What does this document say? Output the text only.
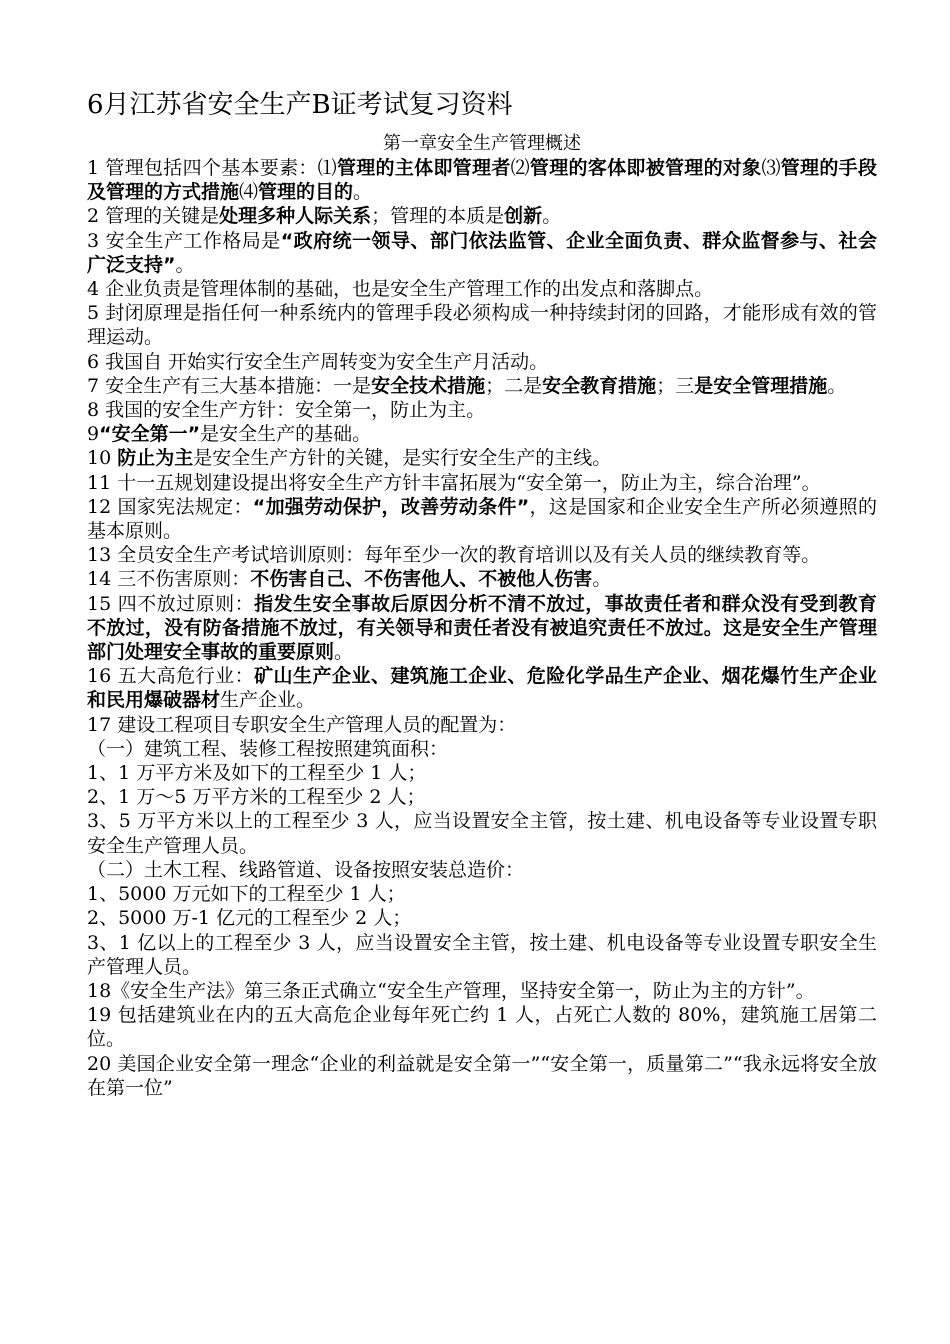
6月江苏省安全生产B证考试复习资料
第一章安全生产管理概述

1 管理包括四个基本要素：⑴管理的主体即管理者⑵管理的客体即被管理的对象⑶管理的手段及管理的方式措施⑷管理的目的。

2 管理的关键是处理多种人际关系；管理的本质是创新。

3 安全生产工作格局是“政府统一领导、部门依法监管、企业全面负责、群众监督参与、社会广泛支持”。

4 企业负责是管理体制的基础，也是安全生产管理工作的出发点和落脚点。

5 封闭原理是指任何一种系统内的管理手段必须构成一种持续封闭的回路，才能形成有效的管理运动。

6 我国自 开始实行安全生产周转变为安全生产月活动。

7 安全生产有三大基本措施：一是安全技术措施；二是安全教育措施；三是安全管理措施。

8 我国的安全生产方针：安全第一，防止为主。

9“安全第一”是安全生产的基础。

10 防止为主是安全生产方针的关键，是实行安全生产的主线。

11 十一五规划建设提出将安全生产方针丰富拓展为“安全第一，防止为主，综合治理”。

12 国家宪法规定：“加强劳动保护，改善劳动条件”，这是国家和企业安全生产所必须遵照的基本原则。

13 全员安全生产考试培训原则：每年至少一次的教育培训以及有关人员的继续教育等。

14 三不伤害原则：不伤害自己、不伤害他人、不被他人伤害。

15 四不放过原则：指发生安全事故后原因分析不清不放过，事故责任者和群众没有受到教育不放过，没有防备措施不放过，有关领导和责任者没有被追究责任不放过。这是安全生产管理部门处理安全事故的重要原则。

16 五大高危行业：矿山生产企业、建筑施工企业、危险化学品生产企业、烟花爆竹生产企业和民用爆破器材生产企业。

17 建设工程项目专职安全生产管理人员的配置为：

（一）建筑工程、装修工程按照建筑面积：

1、1 万平方米及如下的工程至少 1 人；

2、1 万～5 万平方米的工程至少 2 人；

3、5 万平方米以上的工程至少 3 人，应当设置安全主管，按土建、机电设备等专业设置专职安全生产管理人员。

（二）土木工程、线路管道、设备按照安装总造价：

1、5000 万元如下的工程至少 1 人；

2、5000 万-1 亿元的工程至少 2 人；

3、1 亿以上的工程至少 3 人，应当设置安全主管，按土建、机电设备等专业设置专职安全生产管理人员。

18《安全生产法》第三条正式确立“安全生产管理，坚持安全第一，防止为主的方针”。

19 包括建筑业在内的五大高危企业每年死亡约 1 人，占死亡人数的 80%，建筑施工居第二位。

20 美国企业安全第一理念“企业的利益就是安全第一”“安全第一，质量第二”“我永远将安全放在第一位”
